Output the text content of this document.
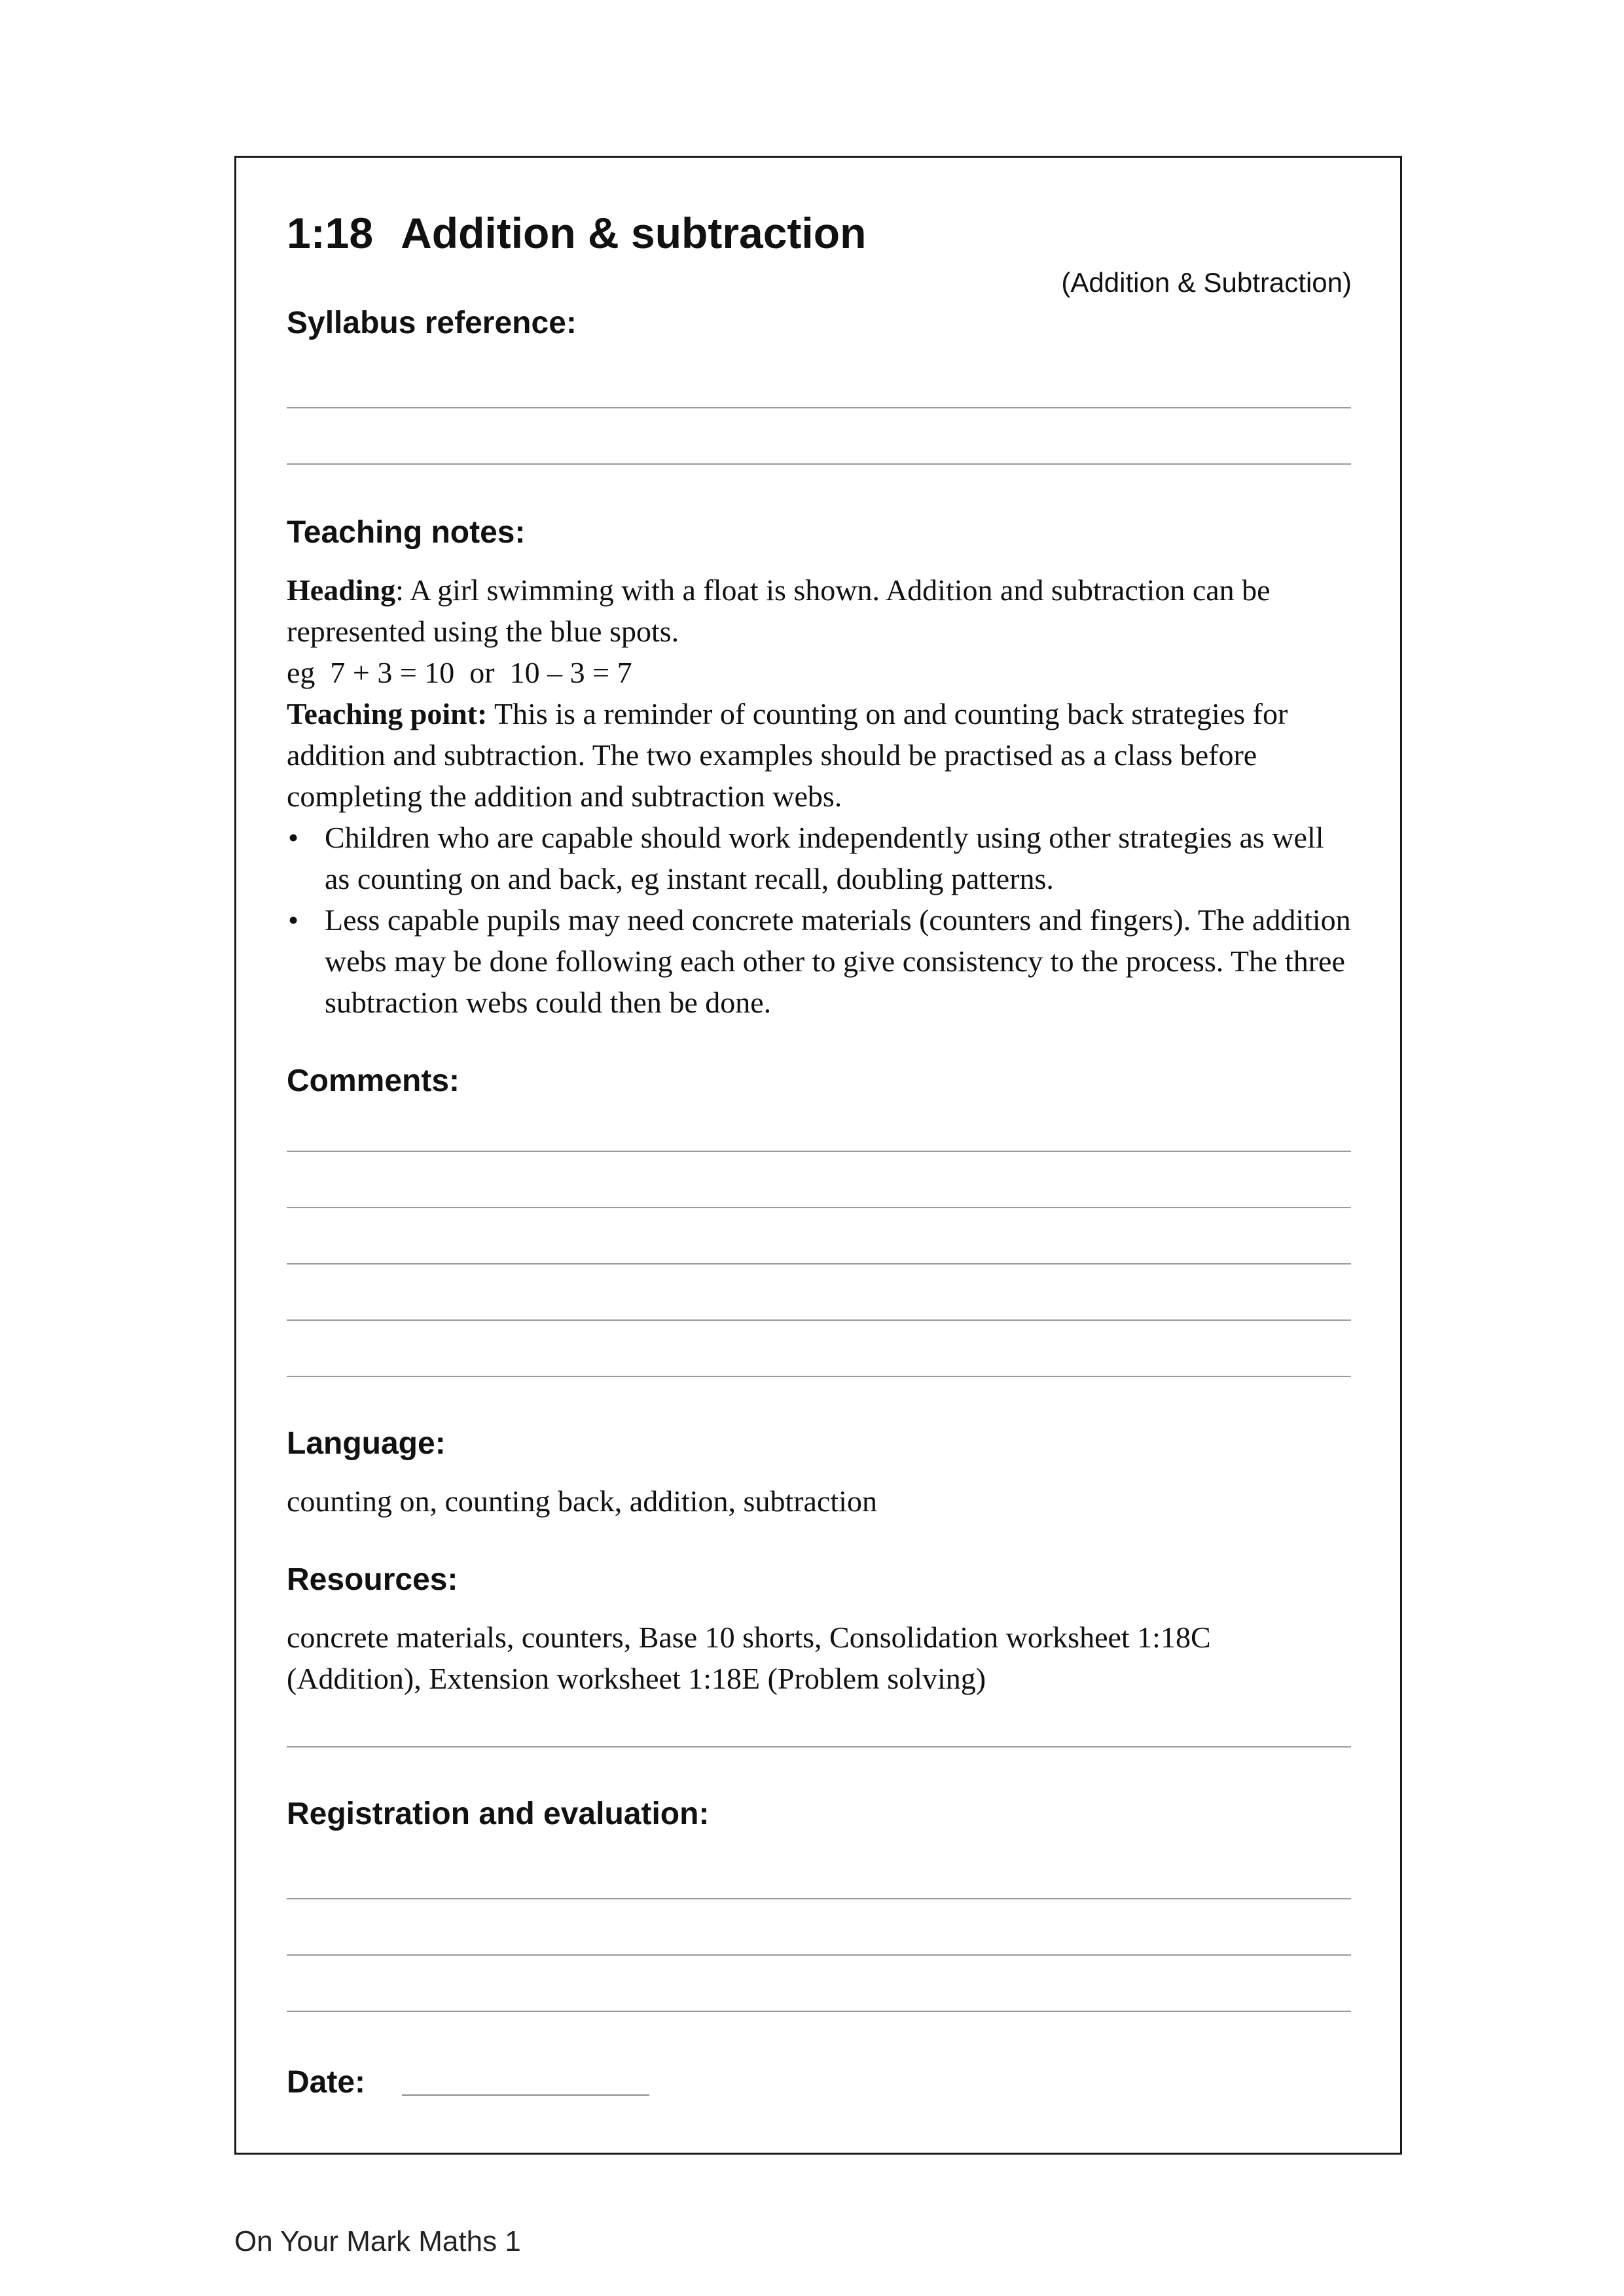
1:18 Addition & subtraction
(Addition & Subtraction)
Syllabus reference:
Teaching notes:

Heading: A girl swimming with a float is shown. Addition and subtraction can be represented using the blue spots.

eg  7 + 3 = 10  or  10 – 3 = 7

Teaching point: This is a reminder of counting on and counting back strategies for addition and subtraction. The two examples should be practised as a class before completing the addition and subtraction webs.

• Children who are capable should work independently using other strategies as well as counting on and back, eg instant recall, doubling patterns.
• Less capable pupils may need concrete materials (counters and fingers). The addition webs may be done following each other to give consistency to the process. The three subtraction webs could then be done.
Comments:
Language:
counting on, counting back, addition, subtraction
Resources:
concrete materials, counters, Base 10 shorts, Consolidation worksheet 1:18C (Addition), Extension worksheet 1:18E (Problem solving)
Registration and evaluation:
Date:
On Your Mark Maths 1
